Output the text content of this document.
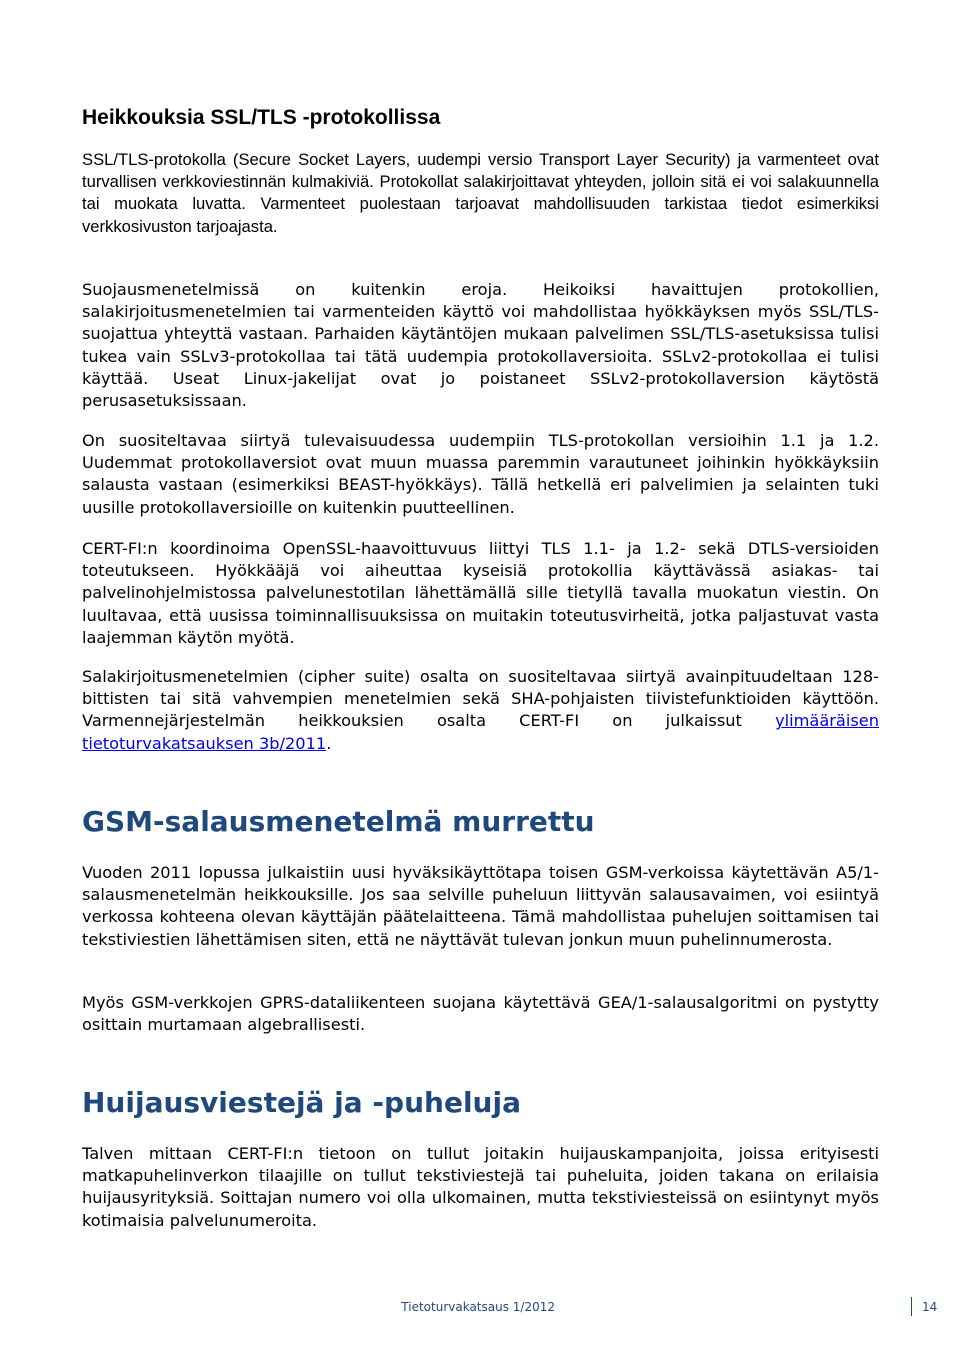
Heikkouksia SSL/TLS -protokollissa

SSL/TLS-protokolla (Secure Socket Layers, uudempi versio Transport Layer Security) ja varmenteet ovat turvallisen verkkoviestinnän kulmakiviä. Protokollat salakirjoittavat yhteyden, jolloin sitä ei voi salakuunnella tai muokata luvatta. Varmenteet puolestaan tarjoavat mahdollisuuden tarkistaa tiedot esimerkiksi verkkosivuston tarjoajasta.

Suojausmenetelmissä on kuitenkin eroja. Heikoiksi havaittujen protokollien, salakirjoitusmenetelmien tai varmenteiden käyttö voi mahdollistaa hyökkäyksen myös SSL/TLS-suojattua yhteyttä vastaan. Parhaiden käytäntöjen mukaan palvelimen SSL/TLS-asetuksissa tulisi tukea vain SSLv3-protokollaa tai tätä uudempia protokollaversioita. SSLv2-protokollaa ei tulisi käyttää. Useat Linux-jakelijat ovat jo poistaneet SSLv2-protokollaversion käytöstä perusasetuksissaan.

On suositeltavaa siirtyä tulevaisuudessa uudempiin TLS-protokollan versioihin 1.1 ja 1.2. Uudemmat protokollaversiot ovat muun muassa paremmin varautuneet joihinkin hyökkäyksiin salausta vastaan (esimerkiksi BEAST-hyökkäys). Tällä hetkellä eri palvelimien ja selainten tuki uusille protokollaversioille on kuitenkin puutteellinen.

CERT-FI:n koordinoima OpenSSL-haavoittuvuus liittyi TLS 1.1- ja 1.2- sekä DTLS-versioiden toteutukseen. Hyökkääjä voi aiheuttaa kyseisiä protokollia käyttävässä asiakas- tai palvelinohjelmistossa palvelunestotilan lähettämällä sille tietyllä tavalla muokatun viestin. On luultavaa, että uusissa toiminnallisuuksissa on muitakin toteutusvirheitä, jotka paljastuvat vasta laajemman käytön myötä.

Salakirjoitusmenetelmien (cipher suite) osalta on suositeltavaa siirtyä avainpituudeltaan 128-bittisten tai sitä vahvempien menetelmien sekä SHA-pohjaisten tiivistefunktioiden käyttöön. Varmennejärjestelmän heikkouksien osalta CERT-FI on julkaissut ylimääräisen tietoturvakatsauksen 3b/2011.

GSM-salausmenetelmä murrettu

Vuoden 2011 lopussa julkaistiin uusi hyväksikäyttötapa toisen GSM-verkoissa käytettävän A5/1-salausmenetelmän heikkouksille. Jos saa selville puheluun liittyvän salausavaimen, voi esiintyä verkossa kohteena olevan käyttäjän päätelaitteena. Tämä mahdollistaa puhelujen soittamisen tai tekstiviestien lähettämisen siten, että ne näyttävät tulevan jonkun muun puhelinnumerosta.

Myös GSM-verkkojen GPRS-dataliikenteen suojana käytettävä GEA/1-salausalgoritmi on pystytty osittain murtamaan algebrallisesti.

Huijausviestejä ja -puheluja

Talven mittaan CERT-FI:n tietoon on tullut joitakin huijauskampanjoita, joissa erityisesti matkapuhelinverkon tilaajille on tullut tekstiviestejä tai puheluita, joiden takana on erilaisia huijausyrityksiä. Soittajan numero voi olla ulkomainen, mutta tekstiviesteissä on esiintynyt myös kotimaisia palvelunumeroita.

Tietoturvakatsaus 1/2012	14
